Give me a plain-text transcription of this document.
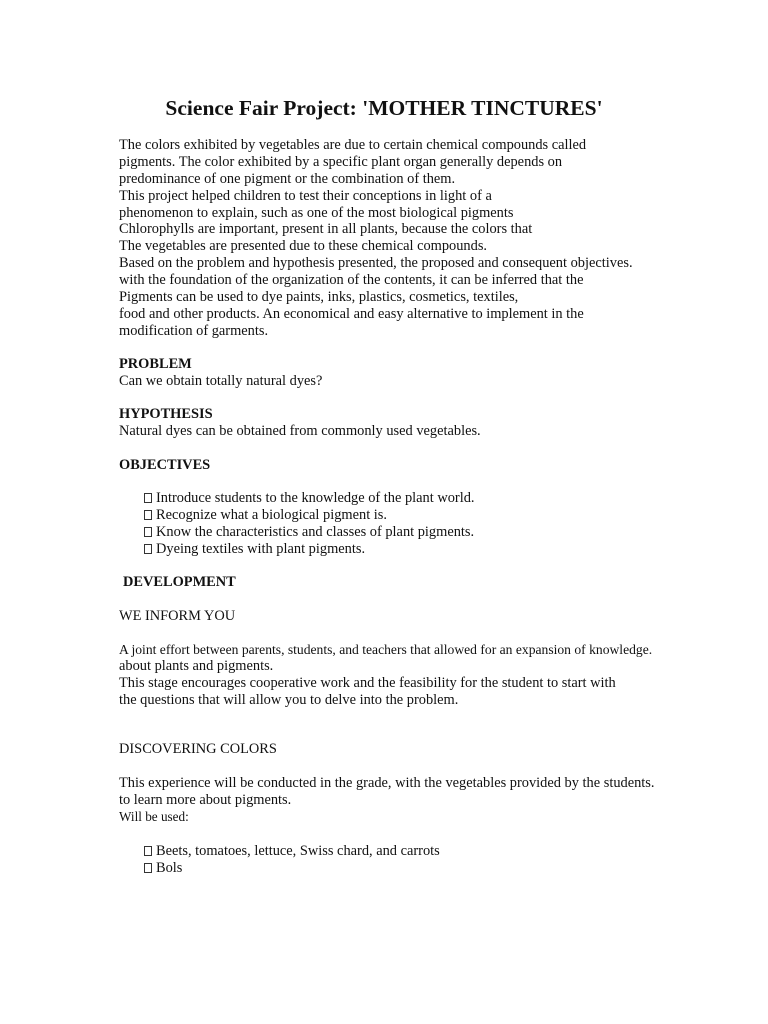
Science Fair Project: 'MOTHER TINCTURES'

The colors exhibited by vegetables are due to certain chemical compounds called

pigments. The color exhibited by a specific plant organ generally depends on

predominance of one pigment or the combination of them.

This project helped children to test their conceptions in light of a

phenomenon to explain, such as one of the most biological pigments

Chlorophylls are important, present in all plants, because the colors that

The vegetables are presented due to these chemical compounds.

Based on the problem and hypothesis presented, the proposed and consequent objectives.

with the foundation of the organization of the contents, it can be inferred that the

Pigments can be used to dye paints, inks, plastics, cosmetics, textiles,

food and other products. An economical and easy alternative to implement in the

modification of garments.

PROBLEM

Can we obtain totally natural dyes?

HYPOTHESIS

Natural dyes can be obtained from commonly used vegetables.

OBJECTIVES

Introduce students to the knowledge of the plant world.

Recognize what a biological pigment is.

Know the characteristics and classes of plant pigments.

Dyeing textiles with plant pigments.

DEVELOPMENT

WE INFORM YOU

A joint effort between parents, students, and teachers that allowed for an expansion of knowledge.

about plants and pigments.

This stage encourages cooperative work and the feasibility for the student to start with

the questions that will allow you to delve into the problem.

DISCOVERING COLORS

This experience will be conducted in the grade, with the vegetables provided by the students.

to learn more about pigments.

Will be used:

Beets, tomatoes, lettuce, Swiss chard, and carrots

Bols
